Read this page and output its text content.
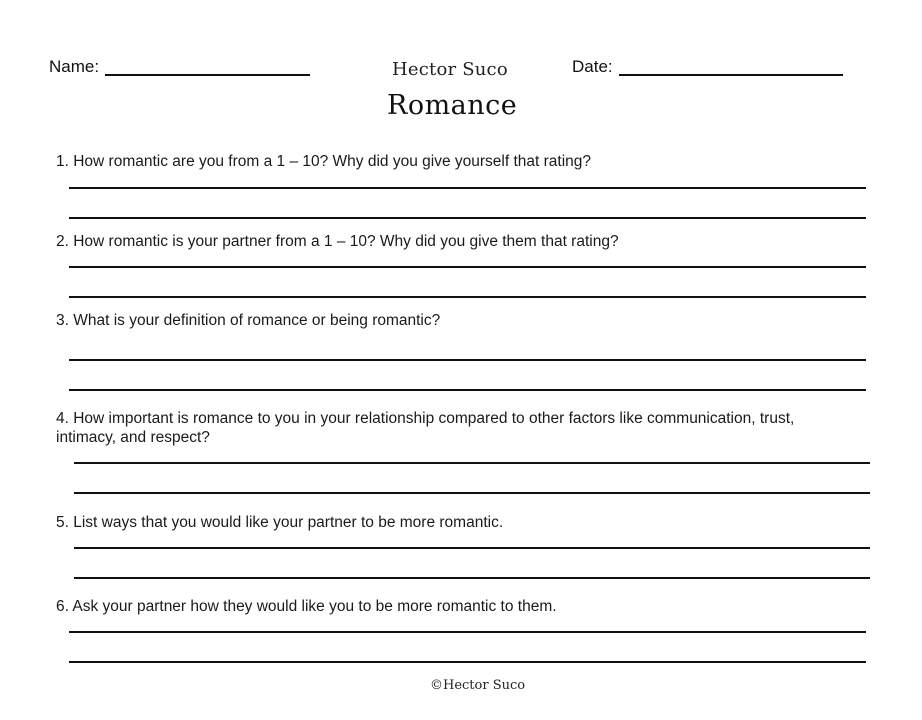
Name:	Hector Suco	Date:
Romance
1. How romantic are you from a 1 – 10? Why did you give yourself that rating?
2. How romantic is your partner from a 1 – 10? Why did you give them that rating?
3. What is your definition of romance or being romantic?
4. How important is romance to you in your relationship compared to other factors like communication, trust, intimacy, and respect?
5. List ways that you would like your partner to be more romantic.
6. Ask your partner how they would like you to be more romantic to them.
©Hector Suco
